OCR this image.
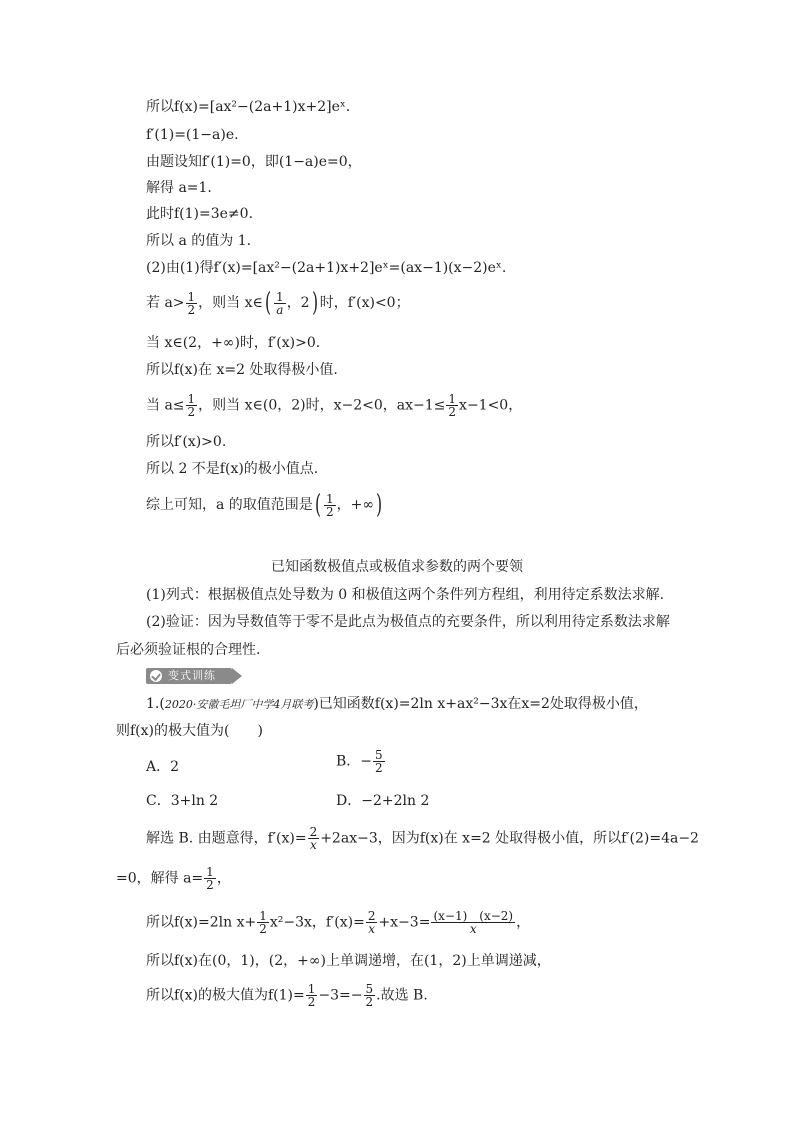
所以f(x)=[ax²−(2a+1)x+2]eˣ.
f′(1)=(1−a)e.
由题设知f′(1)=0，即(1−a)e=0，
解得 a=1.
此时f(1)=3e≠0.
所以 a 的值为 1.
(2)由(1)得f′(x)=[ax²−(2a+1)x+2]eˣ=(ax−1)(x−2)eˣ.
若 $a> \frac{1}{2}$ ，则当 x∈( $\frac{1}{a}$ ，2) 时，f′(x)<0；
当 x∈(2，+∞)时，f′(x)>0.
所以f(x)在 x=2 处取得极小值.
当 $a\le \frac{1}{2}$ ，则当 x∈(0，2)时，x−2<0，$ax-1\le \frac{1}{2} x-1<0$，
所以f′(x)>0.
所以 2 不是f(x)的极小值点.
综上可知，a 的取值范围是( $\frac{1}{2}$ ，+∞)
已知函数极值点或极值求参数的两个要领
(1)列式：根据极值点处导数为 0 和极值这两个条件列方程组，利用待定系数法求解.
(2)验证：因为导数值等于零不是此点为极值点的充要条件，所以利用待定系数法求解
后必须验证根的合理性.
变式训练
1.(2020·安徽毛坦厂中学4月联考)已知函数f(x)=2ln x+ax²−3x在x=2处取得极小值，
则f(x)的极大值为(　　)
A．2	B．− $\frac{5}{2}$
C．3+ln 2	D．−2+2ln 2
解选 B. 由题意得，$f'(x)= \frac{2}{x} +2ax-3$，因为f(x)在 x=2 处取得极小值，所以f′(2)=4a−2
=0，解得 $a= \frac{1}{2}$ ，
所以f(x)=2ln $x+ \frac{1}{2} x^2-3x$，$f'(x)= \frac{2}{x} +x-3= \frac{(x-1) (x-2)}{x}$ ，
所以f(x)在(0，1)，(2，+∞)上单调递增，在(1，2)上单调递减，
所以f(x)的极大值为$f(1)= \frac{1}{2} -3=- \frac{5}{2}$ .故选 B.
